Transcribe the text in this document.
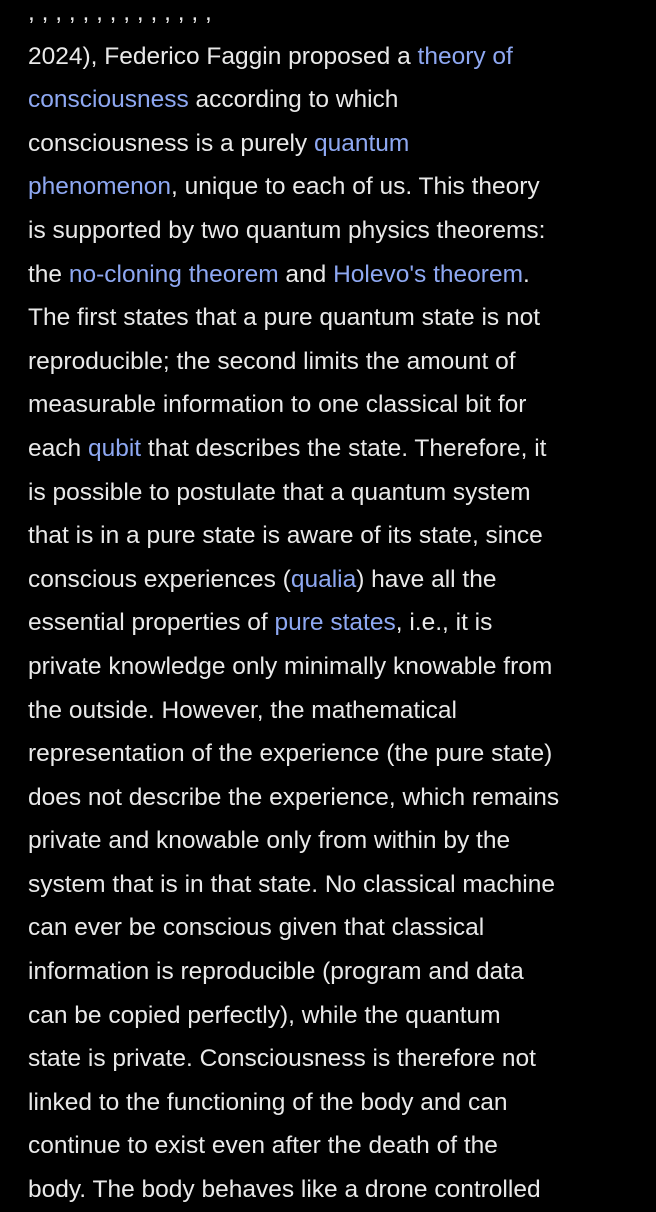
, , , , , , , , , , , , , ,
2024), Federico Faggin proposed a theory of
consciousness according to which
consciousness is a purely quantum
phenomenon, unique to each of us. This theory
is supported by two quantum physics theorems:
the no-cloning theorem and Holevo's theorem.
The first states that a pure quantum state is not
reproducible; the second limits the amount of
measurable information to one classical bit for
each qubit that describes the state. Therefore, it
is possible to postulate that a quantum system
that is in a pure state is aware of its state, since
conscious experiences (qualia) have all the
essential properties of pure states, i.e., it is
private knowledge only minimally knowable from
the outside. However, the mathematical
representation of the experience (the pure state)
does not describe the experience, which remains
private and knowable only from within by the
system that is in that state. No classical machine
can ever be conscious given that classical
information is reproducible (program and data
can be copied perfectly), while the quantum
state is private. Consciousness is therefore not
linked to the functioning of the body and can
continue to exist even after the death of the
body. The body behaves like a drone controlled
